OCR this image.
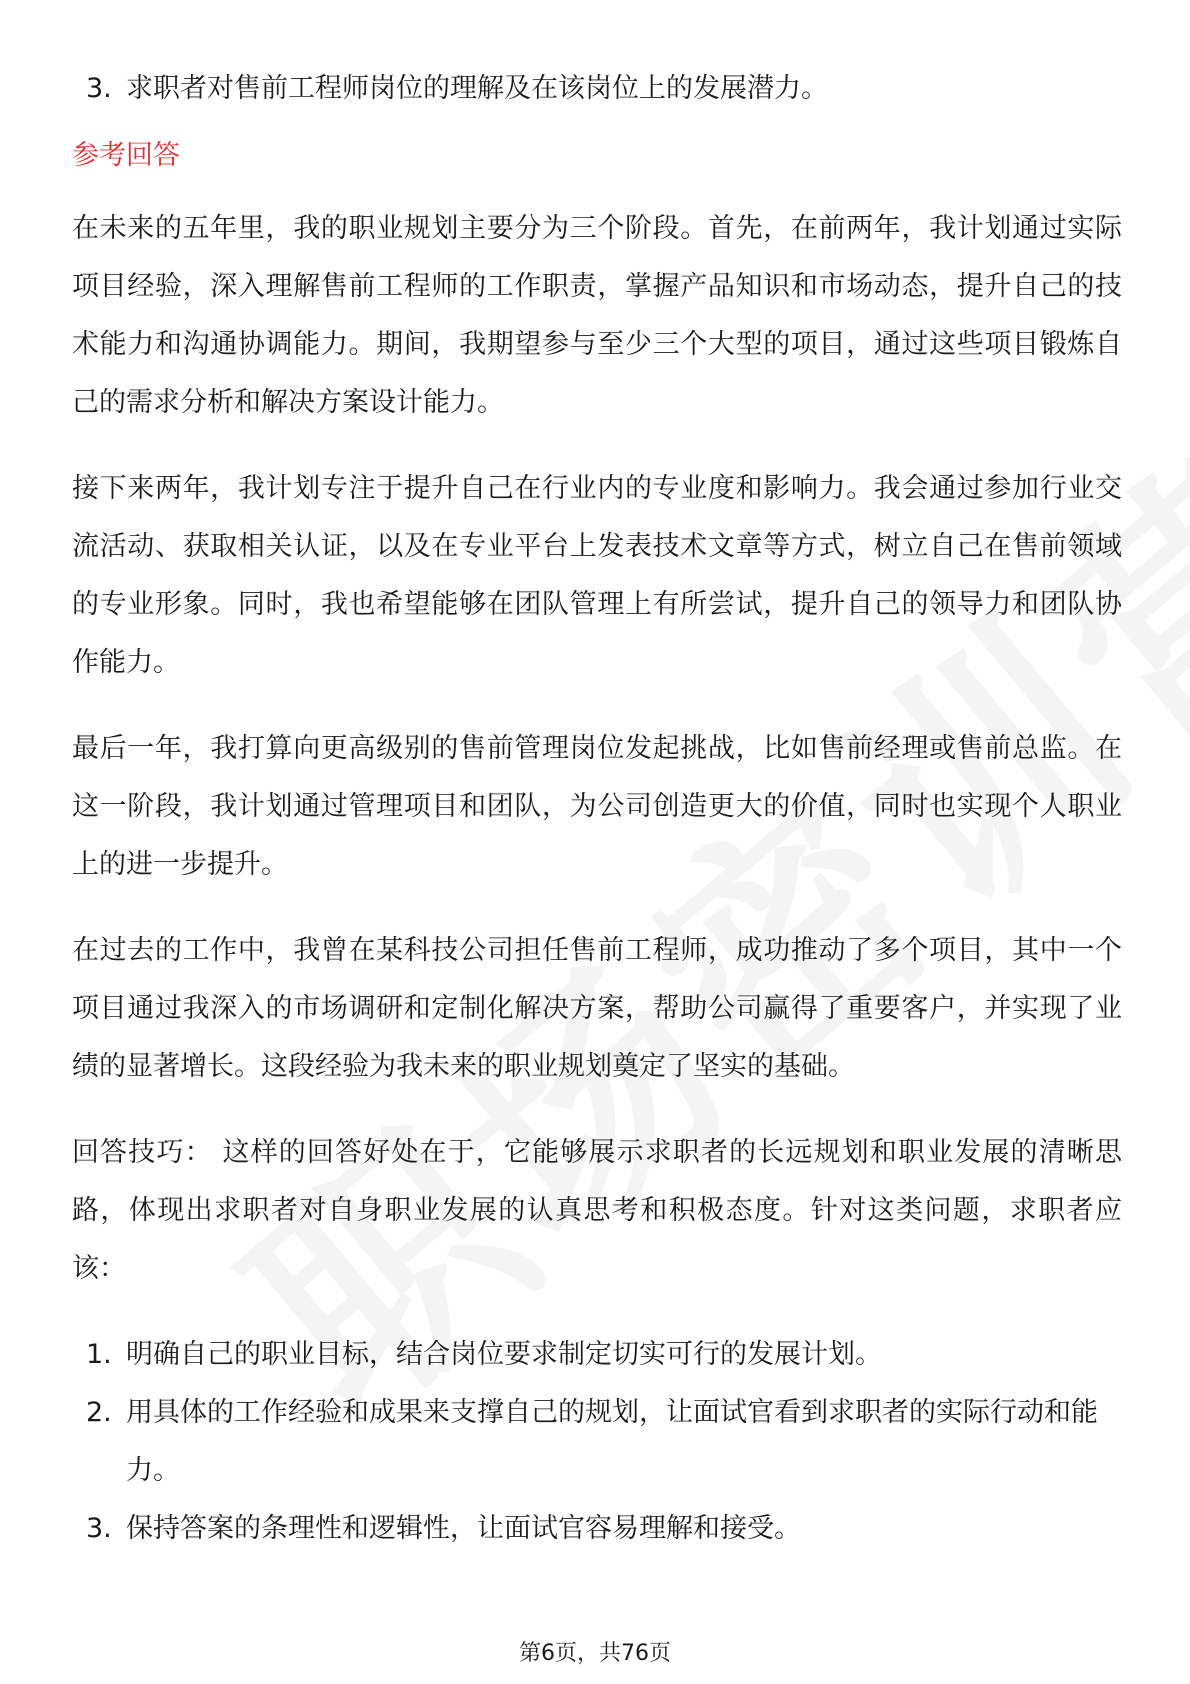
3. 求职者对售前工程师岗位的理解及在该岗位上的发展潜力。
参考回答

在未来的五年里，我的职业规划主要分为三个阶段。首先，在前两年，我计划通过实际项目经验，深入理解售前工程师的工作职责，掌握产品知识和市场动态，提升自己的技术能力和沟通协调能力。期间，我期望参与至少三个大型的项目，通过这些项目锻炼自己的需求分析和解决方案设计能力。

接下来两年，我计划专注于提升自己在行业内的专业度和影响力。我会通过参加行业交流活动、获取相关认证，以及在专业平台上发表技术文章等方式，树立自己在售前领域的专业形象。同时，我也希望能够在团队管理上有所尝试，提升自己的领导力和团队协作能力。

最后一年，我打算向更高级别的售前管理岗位发起挑战，比如售前经理或售前总监。在这一阶段，我计划通过管理项目和团队，为公司创造更大的价值，同时也实现个人职业上的进一步提升。

在过去的工作中，我曾在某科技公司担任售前工程师，成功推动了多个项目，其中一个项目通过我深入的市场调研和定制化解决方案，帮助公司赢得了重要客户，并实现了业绩的显著增长。这段经验为我未来的职业规划奠定了坚实的基础。

回答技巧： 这样的回答好处在于，它能够展示求职者的长远规划和职业发展的清晰思路，体现出求职者对自身职业发展的认真思考和积极态度。针对这类问题，求职者应该：

1. 明确自己的职业目标，结合岗位要求制定切实可行的发展计划。
2. 用具体的工作经验和成果来支撑自己的规划，让面试官看到求职者的实际行动和能力。
3. 保持答案的条理性和逻辑性，让面试官容易理解和接受。
第6页，共76页
